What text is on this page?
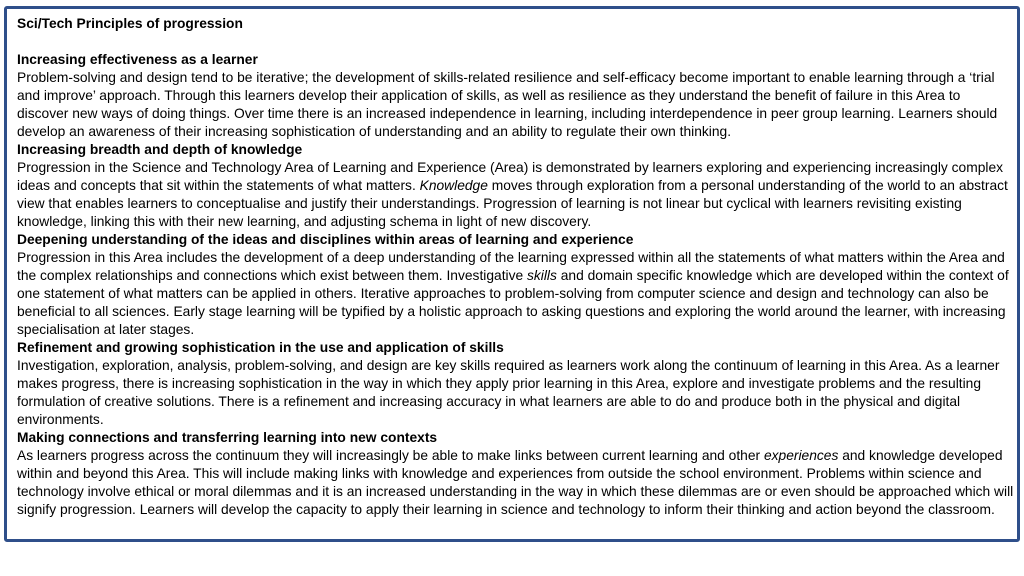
Sci/Tech Principles of progression

Increasing effectiveness as a learner

Problem-solving and design tend to be iterative; the development of skills-related resilience and self-efficacy become important to enable learning through a ‘trial and improve’ approach. Through this learners develop their application of skills, as well as resilience as they understand the benefit of failure in this Area to discover new ways of doing things. Over time there is an increased independence in learning, including interdependence in peer group learning. Learners should develop an awareness of their increasing sophistication of understanding and an ability to regulate their own thinking.

Increasing breadth and depth of knowledge

Progression in the Science and Technology Area of Learning and Experience (Area) is demonstrated by learners exploring and experiencing increasingly complex ideas and concepts that sit within the statements of what matters. Knowledge moves through exploration from a personal understanding of the world to an abstract view that enables learners to conceptualise and justify their understandings. Progression of learning is not linear but cyclical with learners revisiting existing knowledge, linking this with their new learning, and adjusting schema in light of new discovery.

Deepening understanding of the ideas and disciplines within areas of learning and experience

Progression in this Area includes the development of a deep understanding of the learning expressed within all the statements of what matters within the Area and the complex relationships and connections which exist between them. Investigative skills and domain specific knowledge which are developed within the context of one statement of what matters can be applied in others. Iterative approaches to problem-solving from computer science and design and technology can also be beneficial to all sciences. Early stage learning will be typified by a holistic approach to asking questions and exploring the world around the learner, with increasing specialisation at later stages.

Refinement and growing sophistication in the use and application of skills

Investigation, exploration, analysis, problem-solving, and design are key skills required as learners work along the continuum of learning in this Area. As a learner makes progress, there is increasing sophistication in the way in which they apply prior learning in this Area, explore and investigate problems and the resulting formulation of creative solutions. There is a refinement and increasing accuracy in what learners are able to do and produce both in the physical and digital environments.

Making connections and transferring learning into new contexts

As learners progress across the continuum they will increasingly be able to make links between current learning and other experiences and knowledge developed within and beyond this Area. This will include making links with knowledge and experiences from outside the school environment. Problems within science and technology involve ethical or moral dilemmas and it is an increased understanding in the way in which these dilemmas are or even should be approached which will signify progression. Learners will develop the capacity to apply their learning in science and technology to inform their thinking and action beyond the classroom.
